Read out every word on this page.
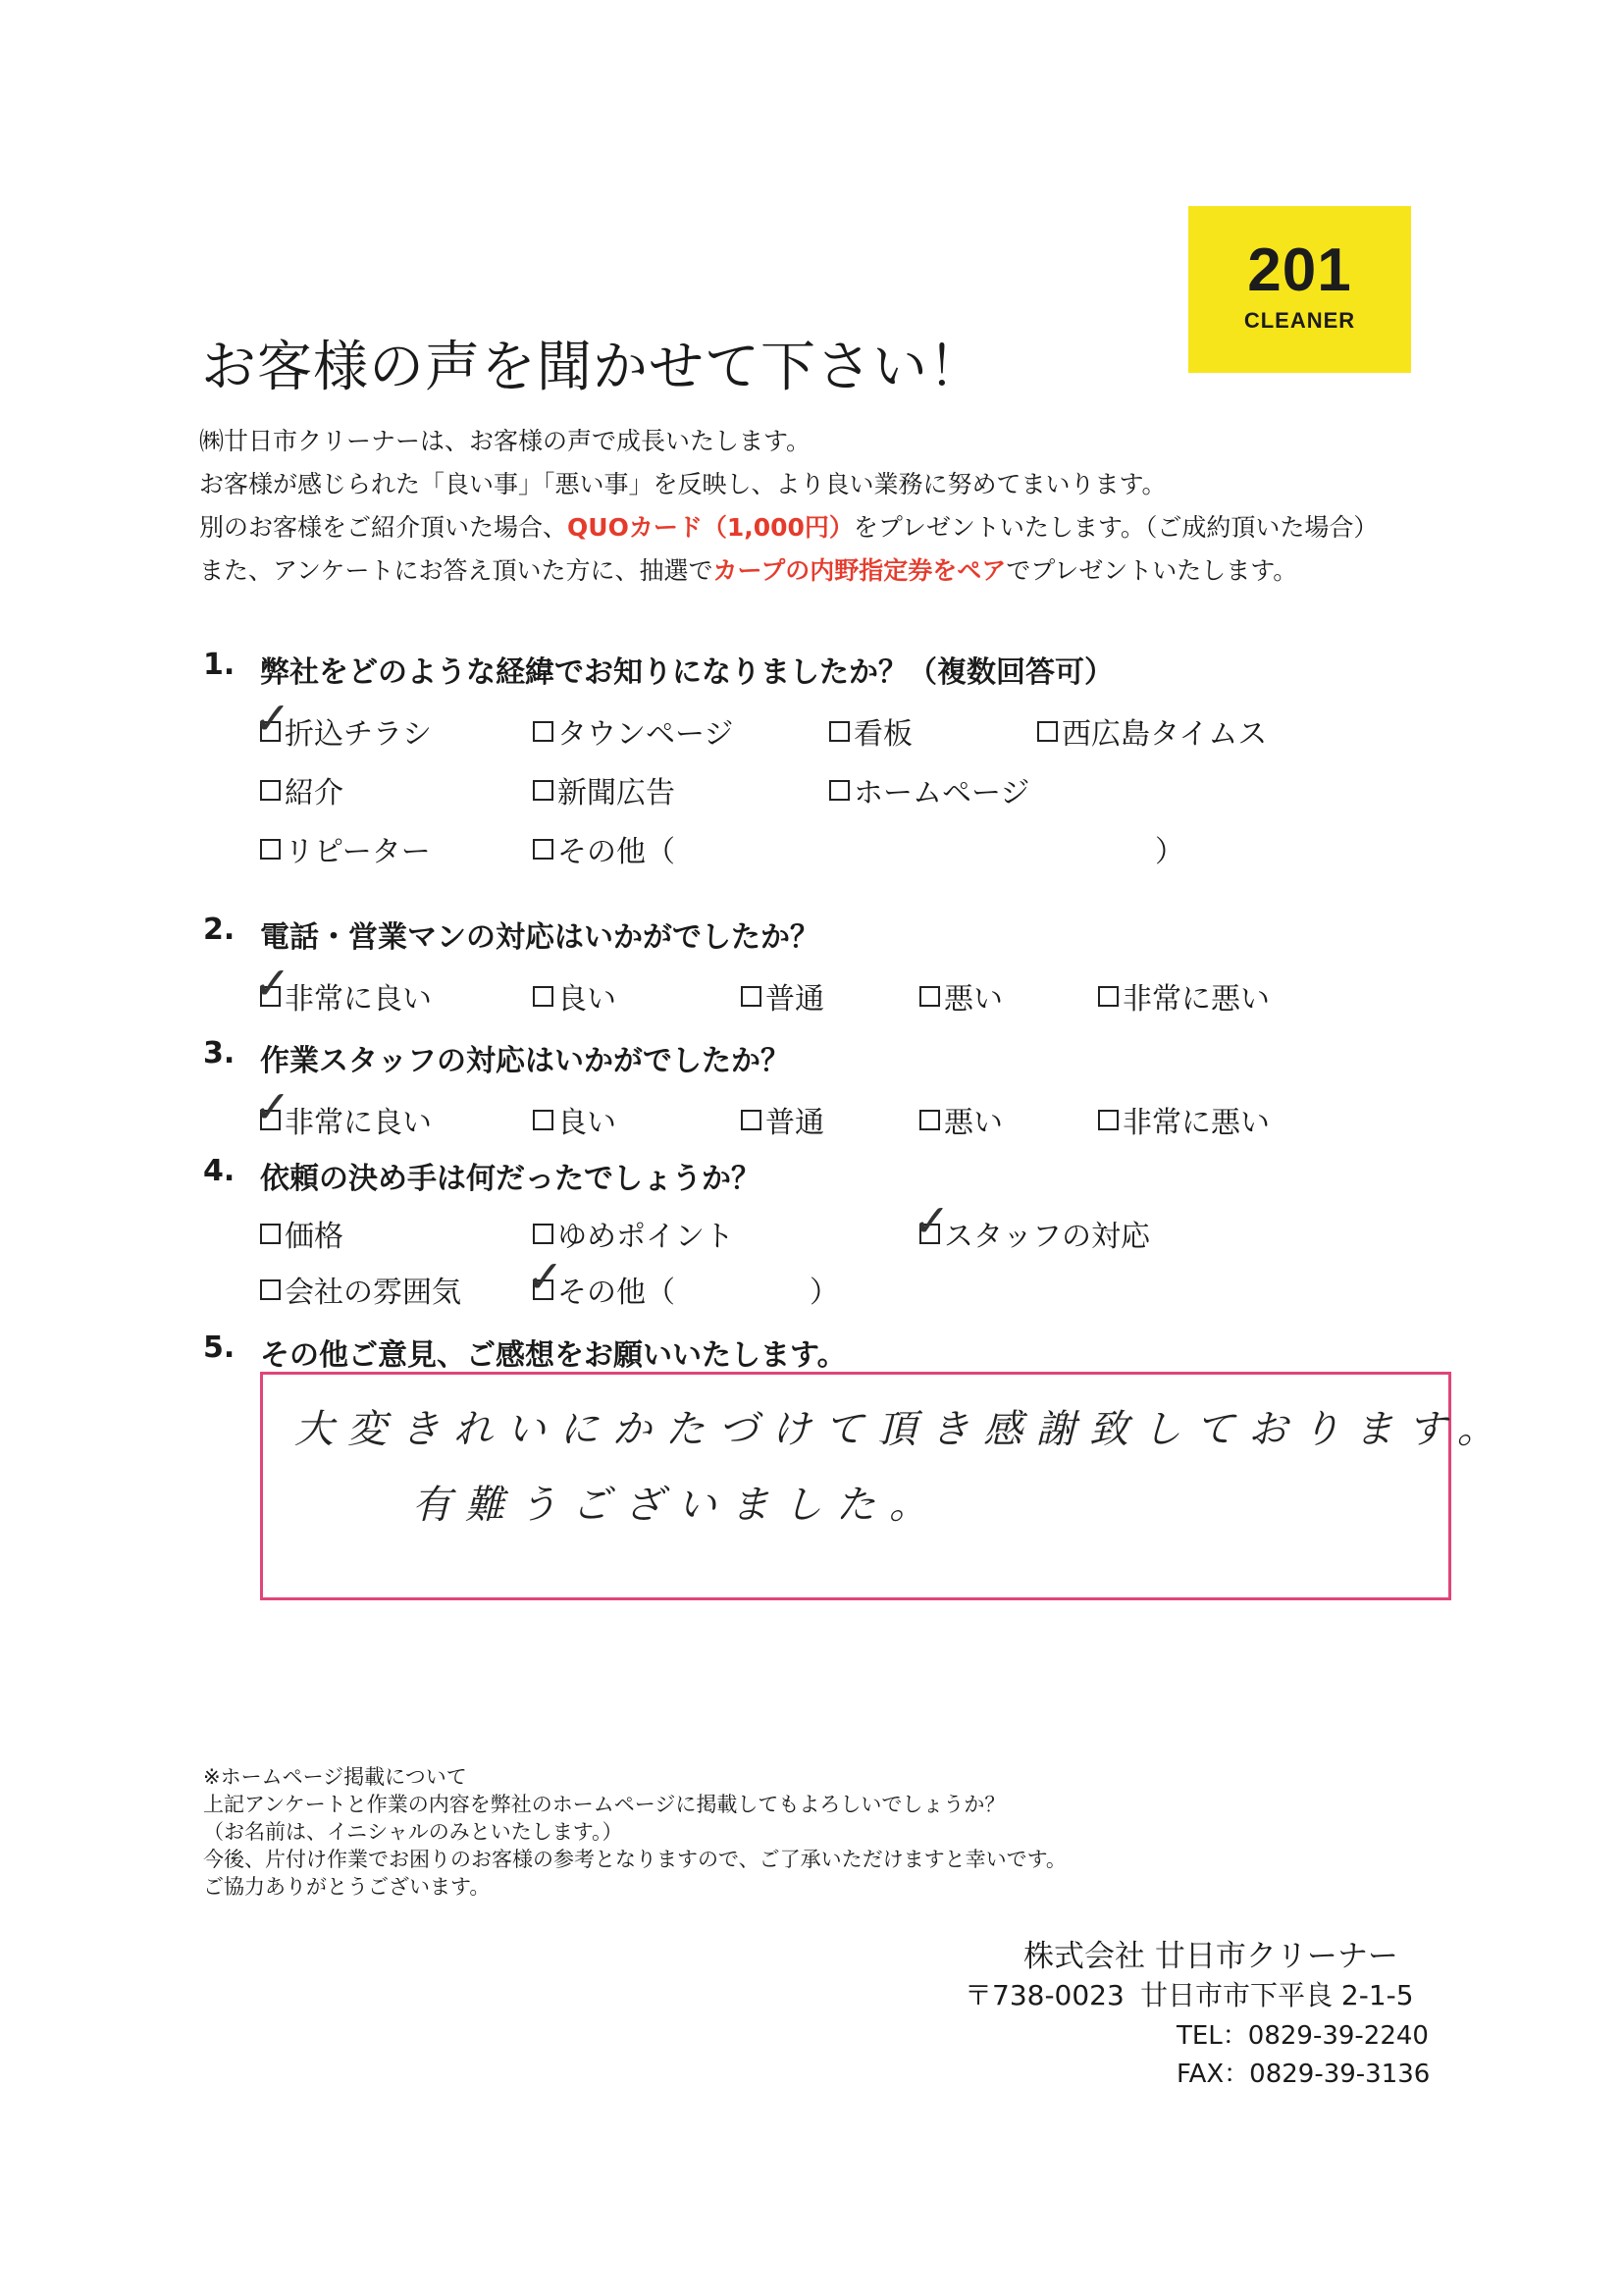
201
CLEANER
お客様の声を聞かせて下さい！
㈱廿日市クリーナーは、お客様の声で成長いたします。
お客様が感じられた「良い事」「悪い事」を反映し、より良い業務に努めてまいります。
別のお客様をご紹介頂いた場合、QUOカード（1,000円）をプレゼントいたします。（ご成約頂いた場合）
また、アンケートにお答え頂いた方に、抽選でカープの内野指定券をペアでプレゼントいたします。
1. 弊社をどのような経緯でお知りになりましたか？（複数回答可）
折込チラシ	タウンページ	看板	西広島タイムス
紹介	新聞広告	ホームページ
リピーター	その他（	）
✓
2. 電話・営業マンの対応はいかがでしたか？
非常に良い	良い	普通	悪い	非常に悪い
✓
3. 作業スタッフの対応はいかがでしたか？
非常に良い	良い	普通	悪い	非常に悪い
✓
4. 依頼の決め手は何だったでしょうか？
価格	ゆめポイント	スタッフの対応
会社の雰囲気	その他（	）
✓
✓
5. その他ご意見、ご感想をお願いいたします。
大変きれいにかたづけて頂き感謝致しております。
有難うございました。
※ホームページ掲載について
上記アンケートと作業の内容を弊社のホームページに掲載してもよろしいでしょうか？
（お名前は、イニシャルのみといたします。）
今後、片付け作業でお困りのお客様の参考となりますので、ご了承いただけますと幸いです。
ご協力ありがとうございます。
株式会社 廿日市クリーナー
〒738-0023 廿日市市下平良 2-1-5
TEL：0829-39-2240
FAX：0829-39-3136
